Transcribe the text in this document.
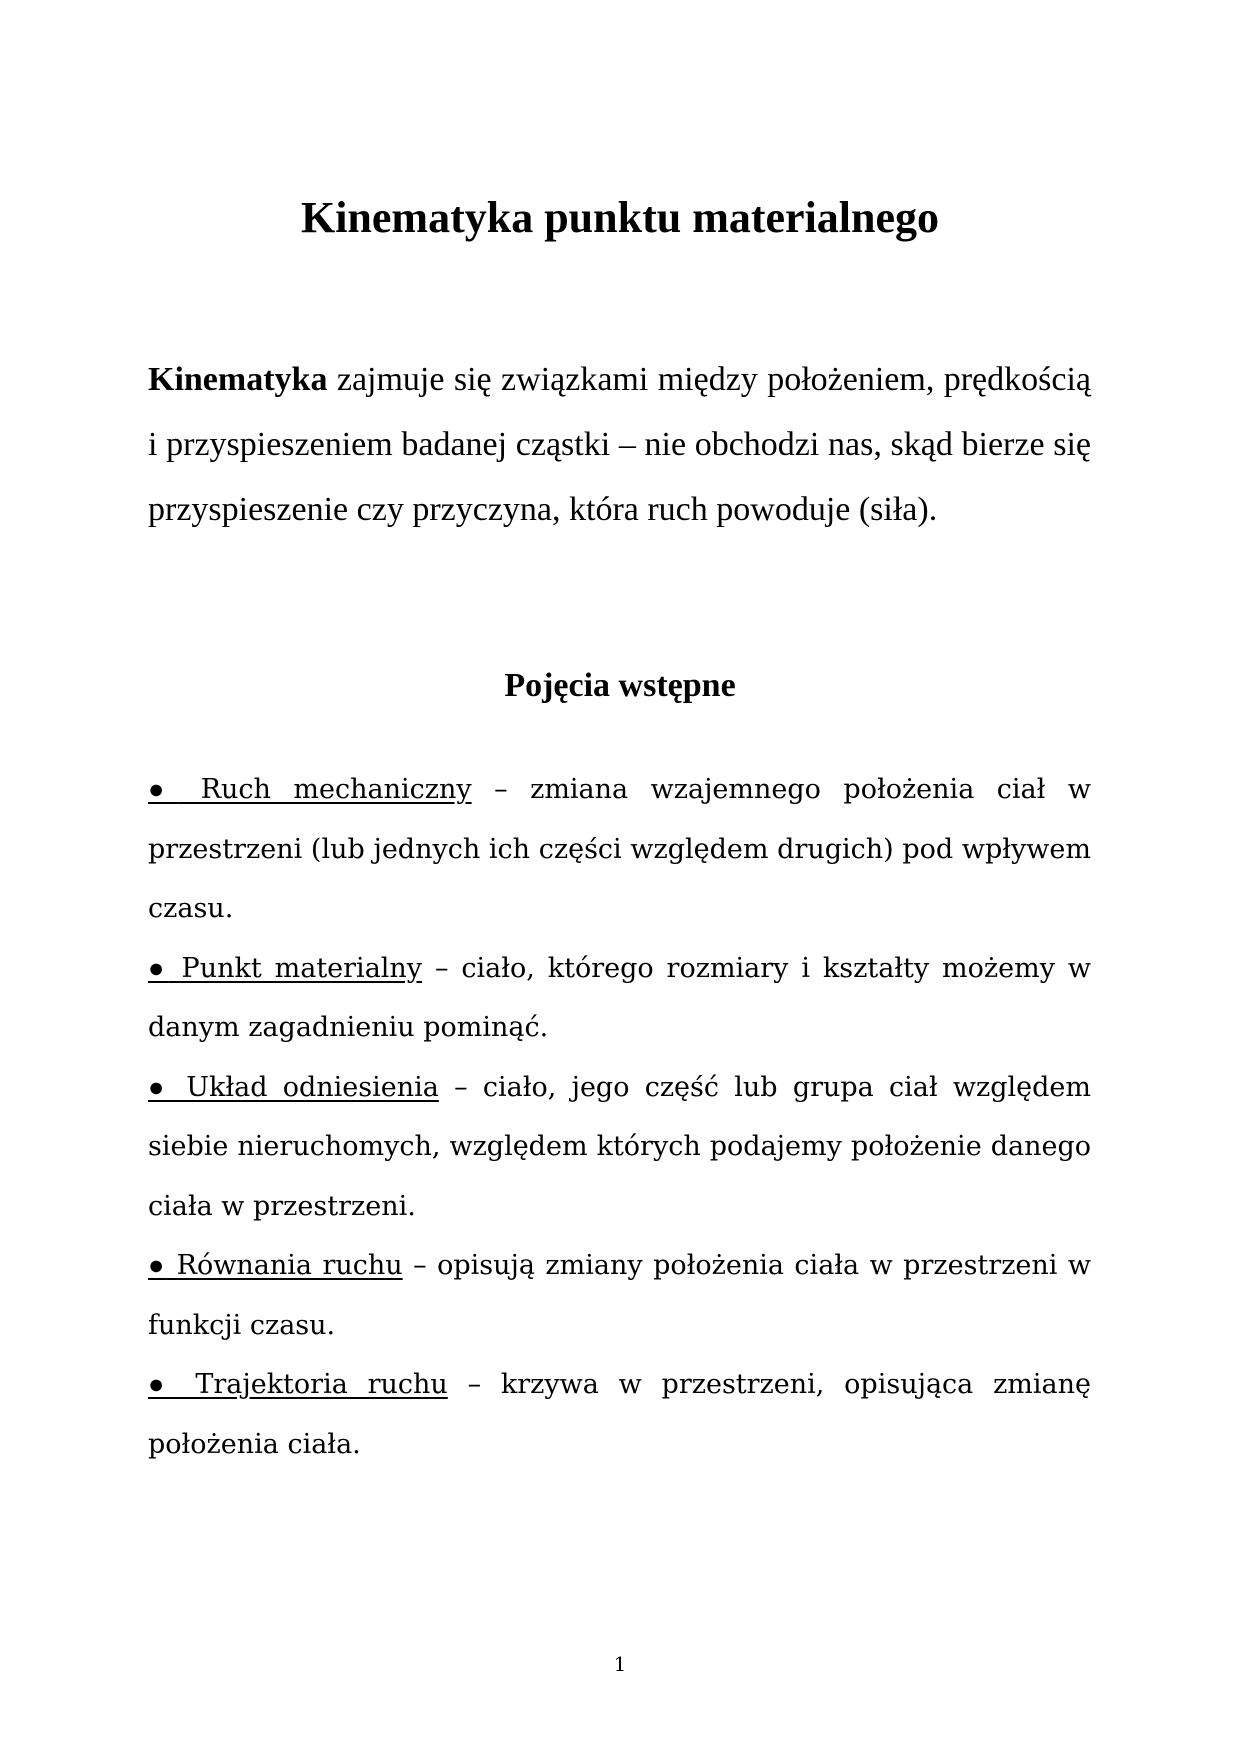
Kinematyka punktu materialnego

Kinematyka zajmuje się związkami między położeniem, prędkością i przyspieszeniem badanej cząstki – nie obchodzi nas, skąd bierze się przyspieszenie czy przyczyna, która ruch powoduje (siła).

Pojęcia wstępne
● Ruch mechaniczny – zmiana wzajemnego położenia ciał w przestrzeni (lub jednych ich części względem drugich) pod wpływem czasu.
● Punkt materialny – ciało, którego rozmiary i kształty możemy w danym zagadnieniu pominąć.
● Układ odniesienia – ciało, jego część lub grupa ciał względem siebie nieruchomych, względem których podajemy położenie danego ciała w przestrzeni.
● Równania ruchu – opisują zmiany położenia ciała w przestrzeni w funkcji czasu.
● Trajektoria ruchu – krzywa w przestrzeni, opisująca zmianę położenia ciała.

1
